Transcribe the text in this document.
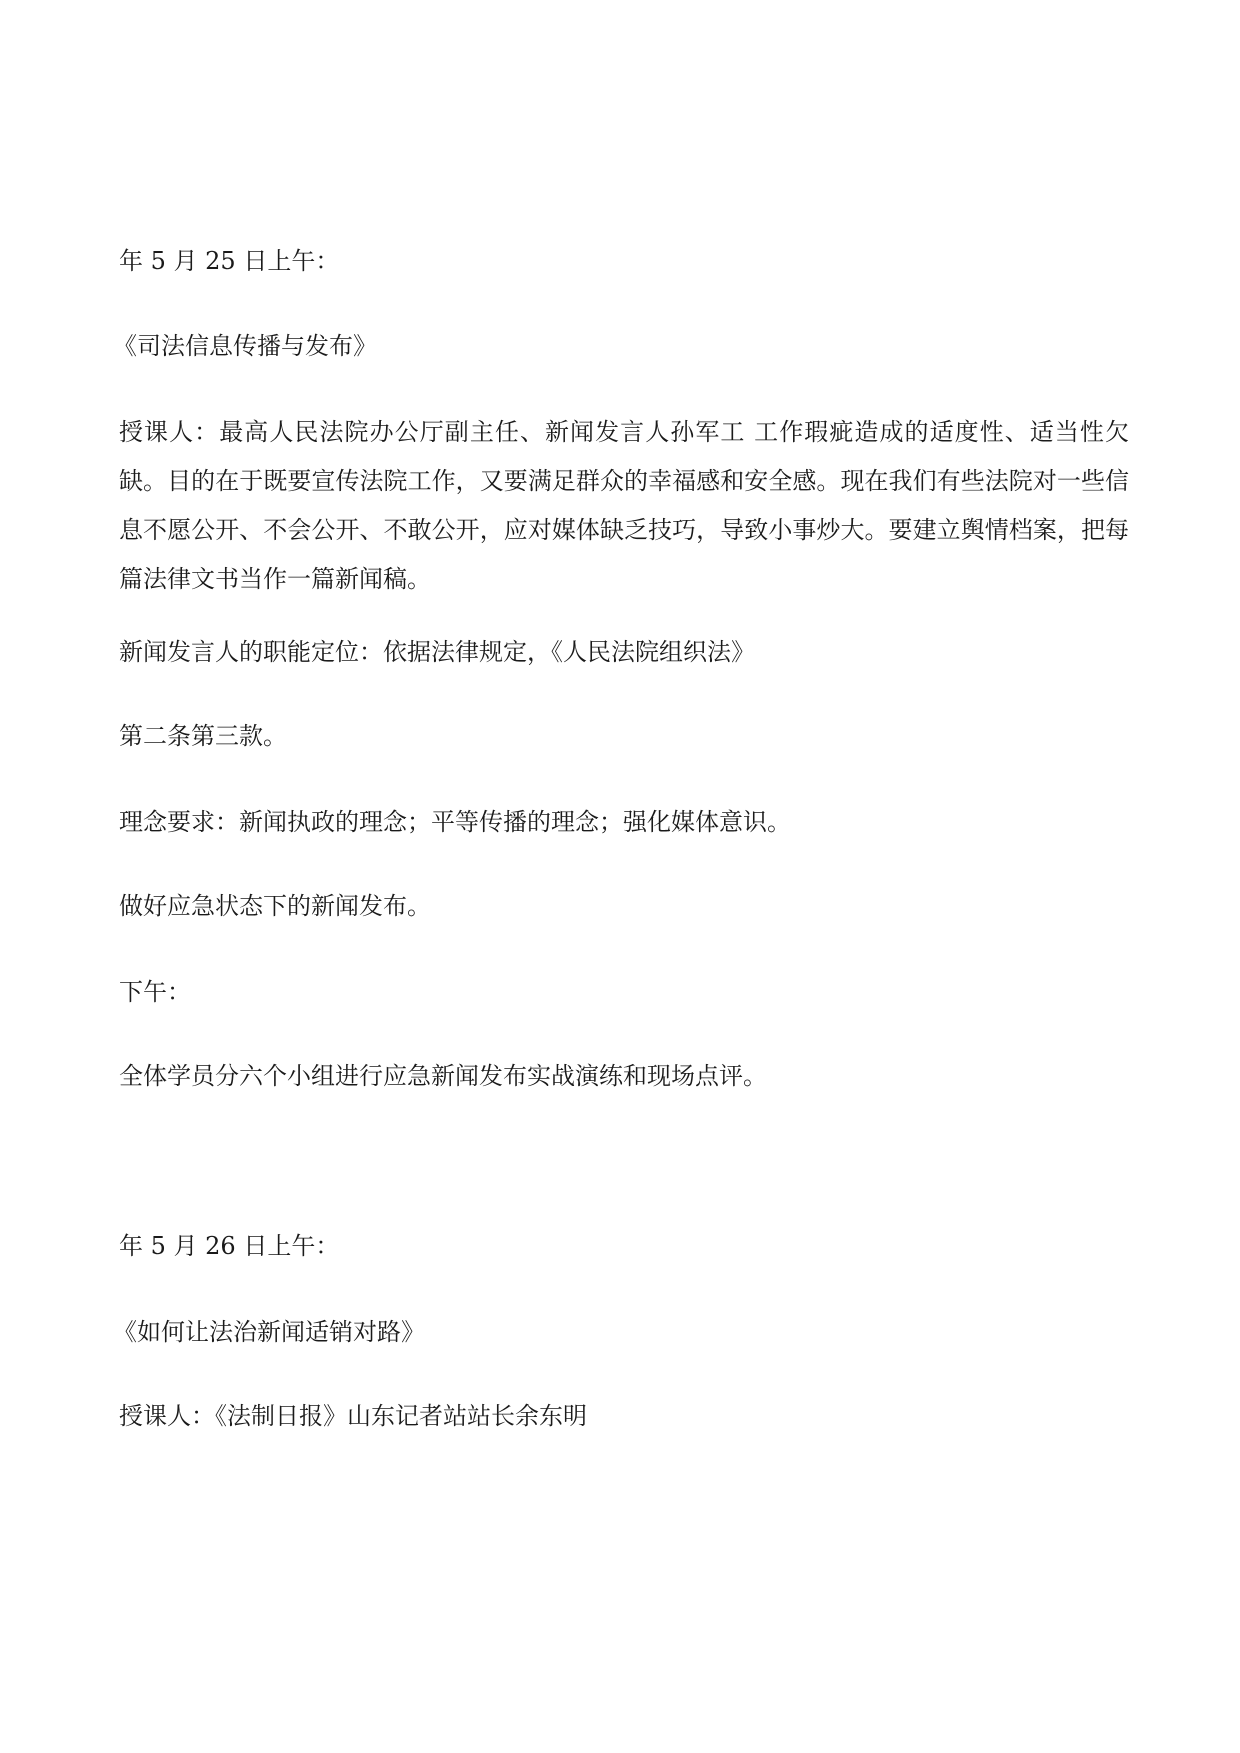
年 5 月 25 日上午：

《司法信息传播与发布》

授课人：最高人民法院办公厅副主任、新闻发言人孙军工 工作瑕疵造成的适度性、适当性欠缺。目的在于既要宣传法院工作，又要满足群众的幸福感和安全感。现在我们有些法院对一些信息不愿公开、不会公开、不敢公开，应对媒体缺乏技巧，导致小事炒大。要建立舆情档案，把每篇法律文书当作一篇新闻稿。

新闻发言人的职能定位：依据法律规定，《人民法院组织法》

第二条第三款。

理念要求：新闻执政的理念；平等传播的理念；强化媒体意识。

做好应急状态下的新闻发布。

下午：

全体学员分六个小组进行应急新闻发布实战演练和现场点评。

年 5 月 26 日上午：

《如何让法治新闻适销对路》

授课人：《法制日报》山东记者站站长余东明
